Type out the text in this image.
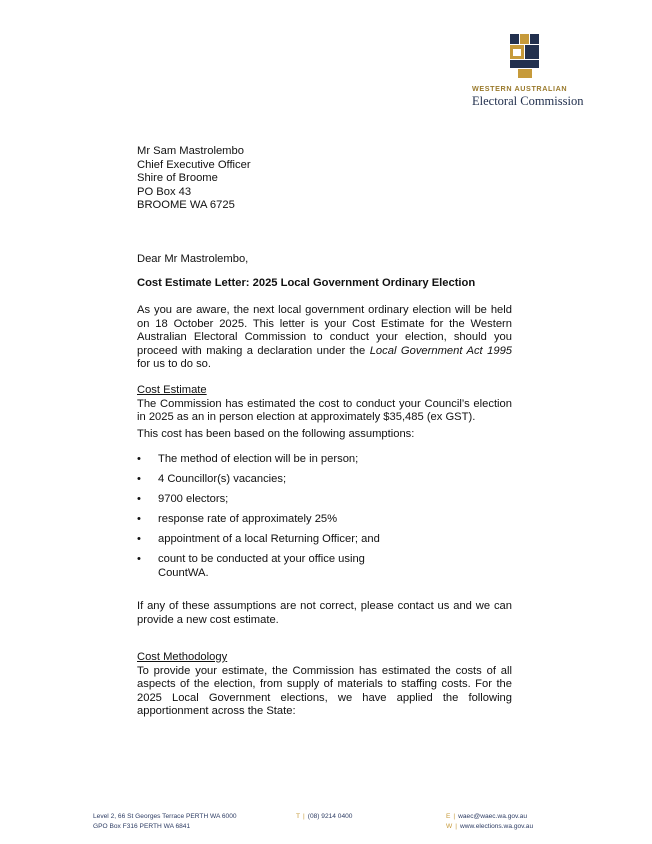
WESTERN AUSTRALIAN
Electoral Commission
Mr Sam Mastrolembo
Chief Executive Officer
Shire of Broome
PO Box 43
BROOME WA 6725
Dear Mr Mastrolembo,
Cost Estimate Letter: 2025 Local Government Ordinary Election
As you are aware, the next local government ordinary election will be held on 18 October 2025. This letter is your Cost Estimate for the Western Australian Electoral Commission to conduct your election, should you proceed with making a declaration under the Local Government Act 1995 for us to do so.
Cost Estimate
The Commission has estimated the cost to conduct your Council’s election in 2025 as an in person election at approximately $35,485 (ex GST).
This cost has been based on the following assumptions:
• The method of election will be in person;
• 4 Councillor(s) vacancies;
• 9700 electors;
• response rate of approximately 25%
• appointment of a local Returning Officer; and
• count to be conducted at your office using CountWA.
If any of these assumptions are not correct, please contact us and we can provide a new cost estimate.
Cost Methodology
To provide your estimate, the Commission has estimated the costs of all aspects of the election, from supply of materials to staffing costs. For the 2025 Local Government elections, we have applied the following apportionment across the State:
Level 2, 66 St Georges Terrace PERTH WA 6000
GPO Box F316 PERTH WA 6841
T | (08) 9214 0400	E | waec@waec.wa.gov.au
W | www.elections.wa.gov.au
